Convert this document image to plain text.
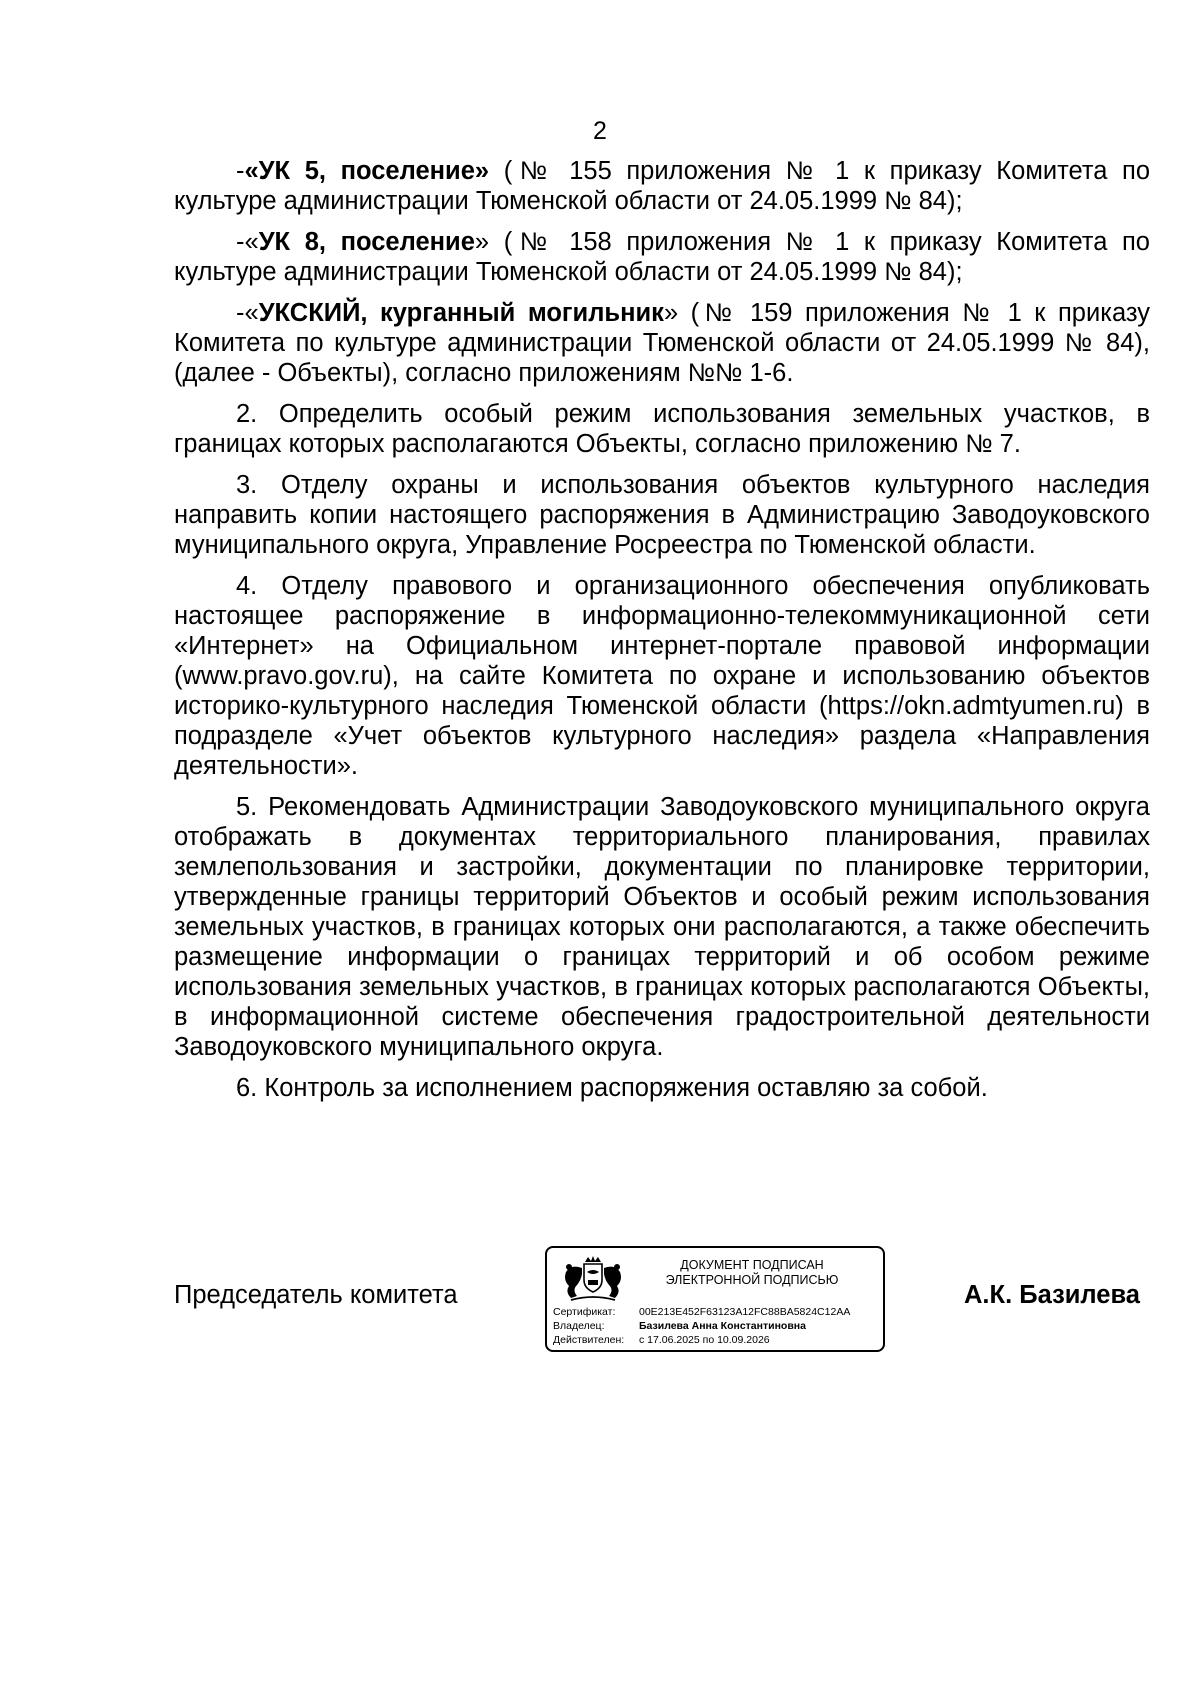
2

-«УК 5, поселение» (№ 155 приложения № 1 к приказу Комитета по культуре администрации Тюменской области от 24.05.1999 № 84);

-«УК 8, поселение» (№ 158 приложения № 1 к приказу Комитета по культуре администрации Тюменской области от 24.05.1999 № 84);

-«УКСКИЙ, курганный могильник» (№ 159 приложения № 1 к приказу Комитета по культуре администрации Тюменской области от 24.05.1999 № 84), (далее - Объекты), согласно приложениям №№ 1-6.

2. Определить особый режим использования земельных участков, в границах которых располагаются Объекты, согласно приложению № 7.

3. Отделу охраны и использования объектов культурного наследия направить копии настоящего распоряжения в Администрацию Заводоуковского муниципального округа, Управление Росреестра по Тюменской области.

4. Отделу правового и организационного обеспечения опубликовать настоящее распоряжение в информационно-телекоммуникационной сети «Интернет» на Официальном интернет-портале правовой информации (www.pravo.gov.ru), на сайте Комитета по охране и использованию объектов историко-культурного наследия Тюменской области (https://okn.admtyumen.ru) в подразделе «Учет объектов культурного наследия» раздела «Направления деятельности».

5. Рекомендовать Администрации Заводоуковского муниципального округа отображать в документах территориального планирования, правилах землепользования и застройки, документации по планировке территории, утвержденные границы территорий Объектов и особый режим использования земельных участков, в границах которых они располагаются, а также обеспечить размещение информации о границах территорий и об особом режиме использования земельных участков, в границах которых располагаются Объекты, в информационной системе обеспечения градостроительной деятельности Заводоуковского муниципального округа.

6. Контроль за исполнением распоряжения оставляю за собой.

Председатель комитета
ДОКУМЕНТ ПОДПИСАН
ЭЛЕКТРОННОЙ ПОДПИСЬЮ
Сертификат: 00E213E452F63123A12FC88BA5824C12AA
Владелец:	Базилева Анна Константиновна
Действителен: с 17.06.2025 по 10.09.2026
А.К. Базилева
